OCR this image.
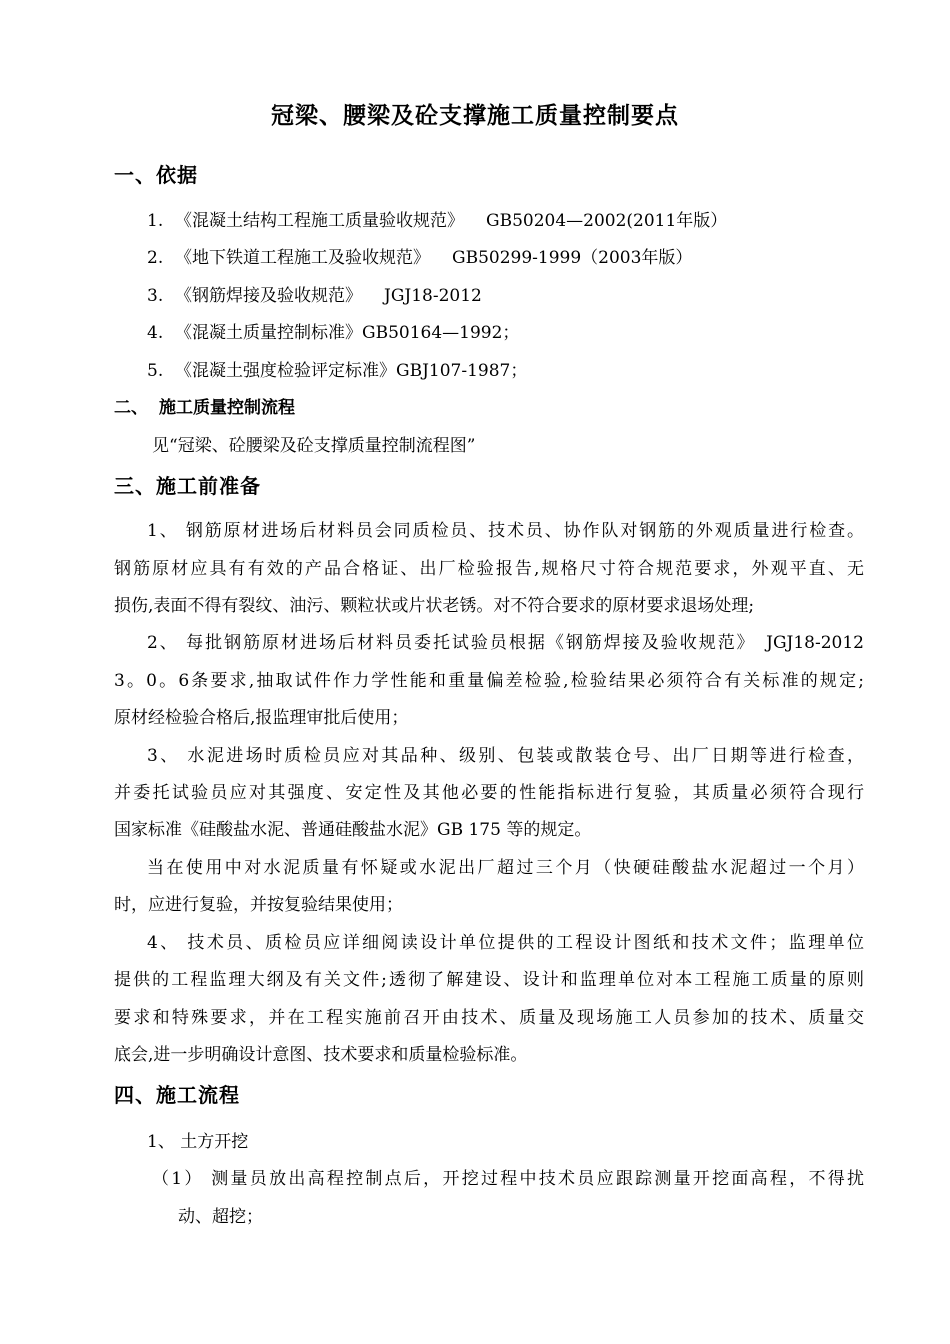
冠梁、腰梁及砼支撑施工质量控制要点
一、依据
1. 《混凝土结构工程施工质量验收规范》 GB50204—2002(2011年版）
2. 《地下铁道工程施工及验收规范》 GB50299-1999（2003年版）
3. 《钢筋焊接及验收规范》 JGJ18-2012
4. 《混凝土质量控制标准》GB50164—1992；
5. 《混凝土强度检验评定标准》GBJ107-1987；
二、 施工质量控制流程
见“冠梁、砼腰梁及砼支撑质量控制流程图”
三、施工前准备
1、 钢筋原材进场后材料员会同质检员、技术员、协作队对钢筋的外观质量进行检查。
钢筋原材应具有有效的产品合格证、出厂检验报告,规格尺寸符合规范要求，外观平直、无
损伤,表面不得有裂纹、油污、颗粒状或片状老锈。对不符合要求的原材要求退场处理;
2、 每批钢筋原材进场后材料员委托试验员根据《钢筋焊接及验收规范》　JGJ18-2012
3。0。6条要求,抽取试件作力学性能和重量偏差检验,检验结果必须符合有关标准的规定;
原材经检验合格后,报监理审批后使用；
3、 水泥进场时质检员应对其品种、级别、包装或散装仓号、出厂日期等进行检查，
并委托试验员应对其强度、安定性及其他必要的性能指标进行复验，其质量必须符合现行
国家标准《硅酸盐水泥、普通硅酸盐水泥》GB 175 等的规定。
当在使用中对水泥质量有怀疑或水泥出厂超过三个月（快硬硅酸盐水泥超过一个月）
时，应进行复验，并按复验结果使用；
4、 技术员、质检员应详细阅读设计单位提供的工程设计图纸和技术文件；监理单位
提供的工程监理大纲及有关文件;透彻了解建设、设计和监理单位对本工程施工质量的原则
要求和特殊要求，并在工程实施前召开由技术、质量及现场施工人员参加的技术、质量交
底会,进一步明确设计意图、技术要求和质量检验标准。
四、施工流程
1、 土方开挖
（1） 测量员放出高程控制点后，开挖过程中技术员应跟踪测量开挖面高程，不得扰
动、超挖；
